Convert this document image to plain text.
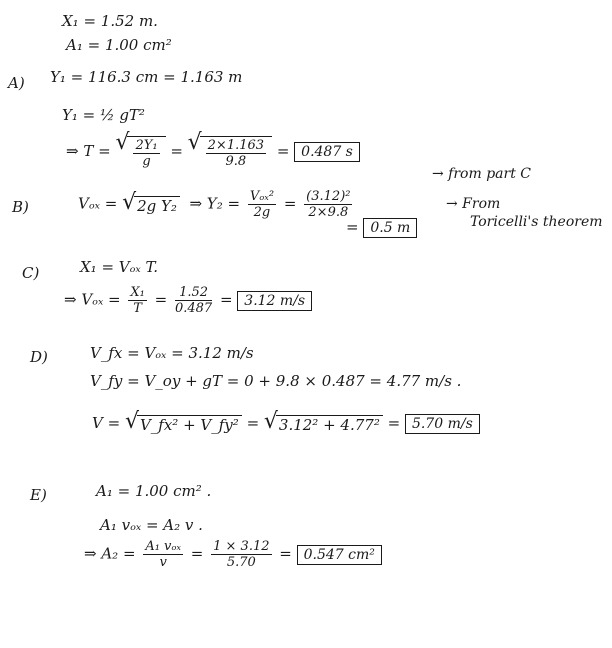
X₁ = 1.52 m.
A₁ = 1.00 cm²
A) Y₁ = 116.3 cm = 1.163 m
Y₁ = ½ gT²
⇒ T = √ $\frac{\text{2Y₁}}{g}$ = √ $\frac{2\times 1.163}{9.8} = 0.487$ s
B)	Vₒₓ = √ 2g Y₂ ⇒ $Y_2 = \frac{\text{Vₒₓ²}}{2g} = \frac{\text{(3.12)²}}{2\times 9.8}$
= 0.5 m
→ from part C
→ From
Toricelli's theorem
C)	X₁ = Vₒₓ T.
⇒ $V_{ox} = \frac{\text{X₁}}{T} = \frac{1.52}{0.487} = 3.12$ m/s
D)	V_fx = Vₒₓ = 3.12 m/s
V_fy = V_oy + gT = 0 + 9.8 × 0.487 = 4.77 m/s .
V = √ V_fx² + V_fy² = √ 3.12² + 4.77² = 5.70 m/s
E)	A₁ = 1.00 cm² .
A₁ vₒₓ = A₂ v .
⇒ $A_2 = \frac{\text{A₁ vₒₓ}}{v} = \frac{1 \times 3.12}{5.70} = 0.547$ cm²
